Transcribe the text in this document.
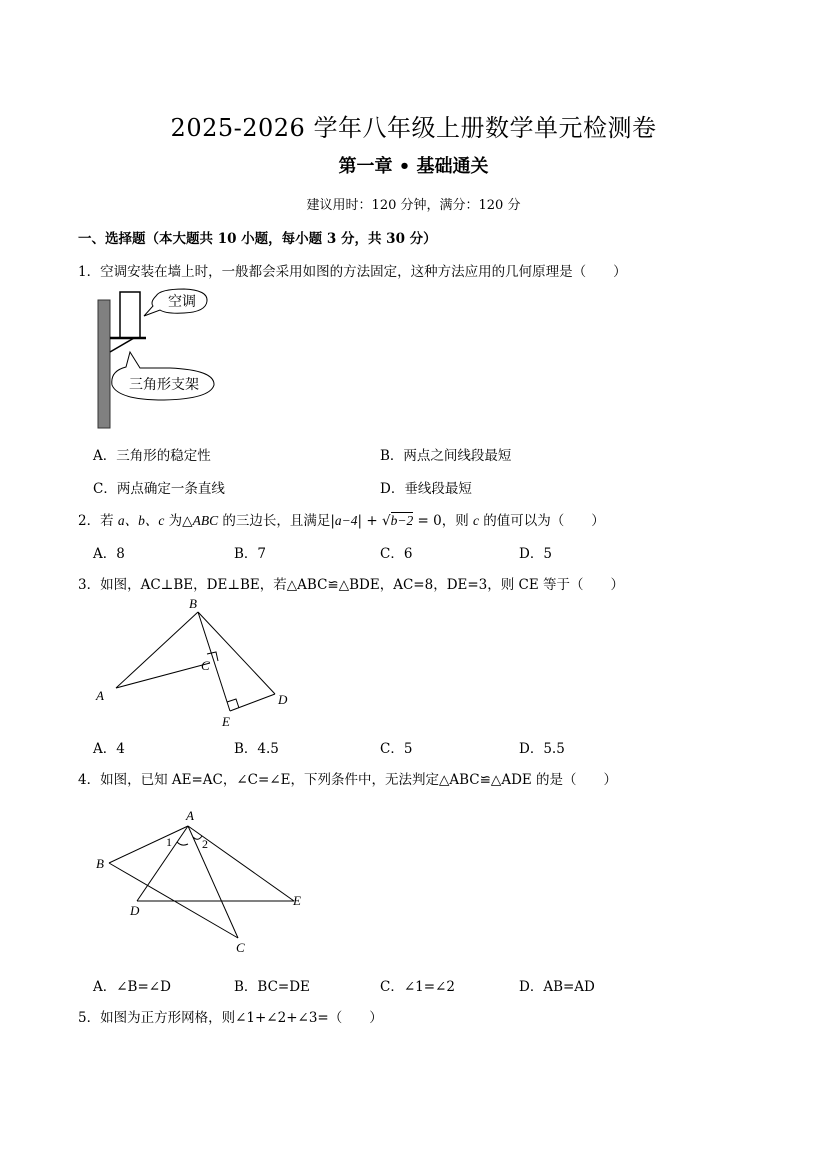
2025-2026 学年八年级上册数学单元检测卷
第一章 • 基础通关
建议用时：120 分钟，满分：120 分
一、选择题（本大题共 10 小题，每小题 3 分，共 30 分）
1．空调安装在墙上时，一般都会采用如图的方法固定，这种方法应用的几何原理是（　　）
空调
三角形支架
A．三角形的稳定性	B．两点之间线段最短
C．两点确定一条直线	D．垂线段最短
2．若 a、b、c 为△ABC 的三边长，且满足|a−4| + √b−2 = 0，则 c 的值可以为（　　）
A．8	B．7	C．6	D．5
3．如图，AC⊥BE，DE⊥BE，若△ABC≌△BDE，AC=8，DE=3，则 CE 等于（　　）
A
B
C
D
E
A．4	B．4.5	C．5	D．5.5
4．如图，已知 AE=AC，∠C=∠E，下列条件中，无法判定△ABC≌△ADE 的是（　　）
A
B
C
D
E
1	2
A．∠B=∠D	B．BC=DE	C．∠1=∠2	D．AB=AD
5．如图为正方形网格，则∠1+∠2+∠3=（　　）
